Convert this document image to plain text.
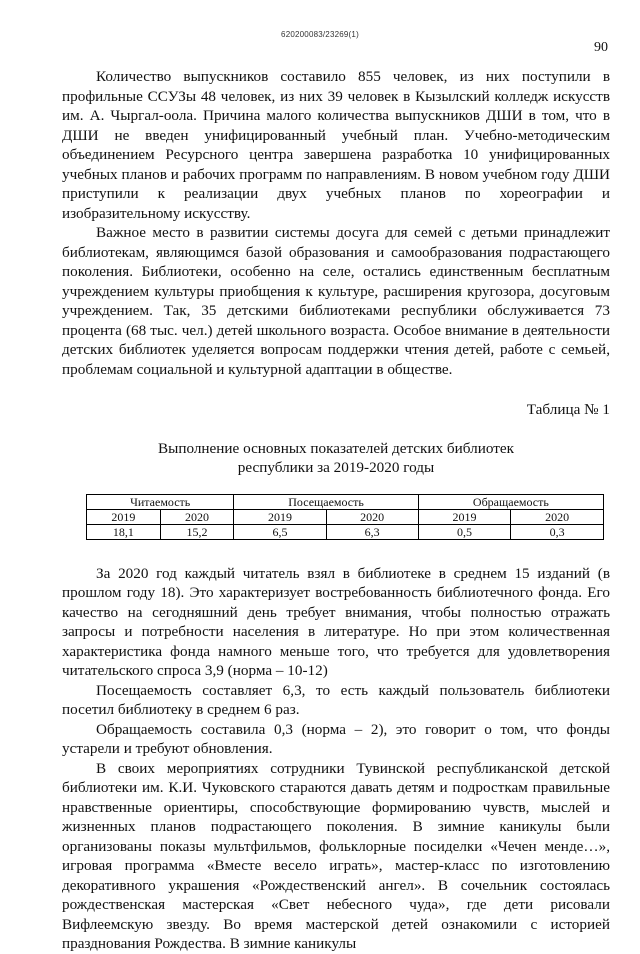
620200083/23269(1)
90

Количество выпускников составило 855 человек, из них поступили в профильные ССУЗы 48 человек, из них 39 человек в Кызылский колледж искусств им. А. Чыргал-оола. Причина малого количества выпускников ДШИ в том, что в ДШИ не введен унифицированный учебный план. Учебно-методическим объединением Ресурсного центра завершена разработка 10 унифицированных учебных планов и рабочих программ по направлениям. В новом учебном году ДШИ приступили к реализации двух учебных планов по хореографии и изобразительному искусству.

Важное место в развитии системы досуга для семей с детьми принадлежит библиотекам, являющимся базой образования и самообразования подрастающего поколения. Библиотеки, особенно на селе, остались единственным бесплатным учреждением культуры приобщения к культуре, расширения кругозора, досуговым учреждением. Так, 35 детскими библиотеками республики обслуживается 73 процента (68 тыс. чел.) детей школьного возраста. Особое внимание в деятельности детских библиотек уделяется вопросам поддержки чтения детей, работе с семьей, проблемам социальной и культурной адаптации в обществе.

Таблица № 1
Выполнение основных показателей детских библиотек
республики за 2019-2020 годы
Читаемость		Посещаемость		Обращаемость	
2019	2020	2019	2020	2019	2020
18,1	15,2	6,5	6,3	0,5	0,3

За 2020 год каждый читатель взял в библиотеке в среднем 15 изданий (в прошлом году 18). Это характеризует востребованность библиотечного фонда. Его качество на сегодняшний день требует внимания, чтобы полностью отражать запросы и потребности населения в литературе. Но при этом количественная характеристика фонда намного меньше того, что требуется для удовлетворения читательского спроса 3,9 (норма – 10-12)

Посещаемость составляет 6,3, то есть каждый пользователь библиотеки посетил библиотеку в среднем 6 раз.

Обращаемость составила 0,3 (норма – 2), это говорит о том, что фонды устарели и требуют обновления.

В своих мероприятиях сотрудники Тувинской республиканской детской библиотеки им. К.И. Чуковского стараются давать детям и подросткам правильные нравственные ориентиры, способствующие формированию чувств, мыслей и жизненных планов подрастающего поколения. В зимние каникулы были организованы показы мультфильмов, фольклорные посиделки «Чечен менде…», игровая программа «Вместе весело играть», мастер-класс по изготовлению декоративного украшения «Рождественский ангел». В сочельник состоялась рождественская мастерская «Свет небесного чуда», где дети рисовали Вифлеемскую звезду. Во время мастерской детей ознакомили с историей празднования Рождества. В зимние каникулы
